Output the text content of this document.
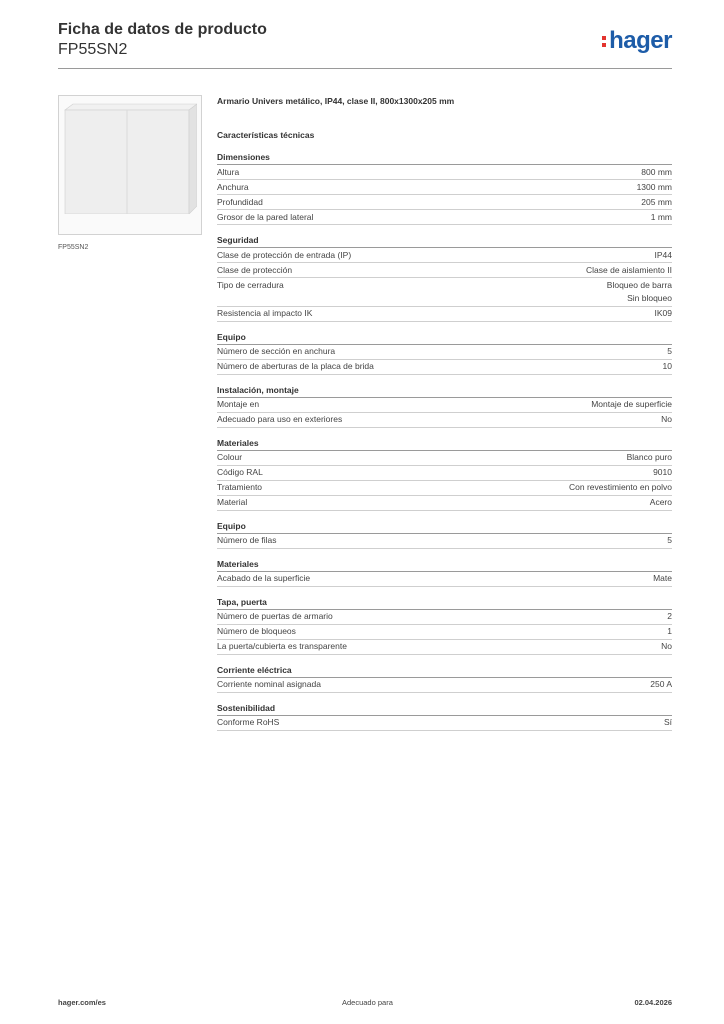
Ficha de datos de producto
FP55SN2	hager
FP55SN2
Armario Univers metálico, IP44, clase II, 800x1300x205 mm
Características técnicas
Dimensiones
Altura	800 mm
Anchura	1300 mm
Profundidad	205 mm
Grosor de la pared lateral	1 mm
Seguridad
Clase de protección de entrada (IP)	IP44
Clase de protección	Clase de aislamiento II
Tipo de cerradura	Bloqueo de barra
Sin bloqueo
Resistencia al impacto IK	IK09
Equipo
Número de sección en anchura	5
Número de aberturas de la placa de brida	10
Instalación, montaje
Montaje en	Montaje de superficie
Adecuado para uso en exteriores	No
Materiales
Colour	Blanco puro
Código RAL	9010
Tratamiento	Con revestimiento en polvo
Material	Acero
Equipo
Número de filas	5
Materiales
Acabado de la superficie	Mate
Tapa, puerta
Número de puertas de armario	2
Número de bloqueos	1
La puerta/cubierta es transparente	No
Corriente eléctrica
Corriente nominal asignada	250 A
Sostenibilidad
Conforme RoHS	Sí
hager.com/es	Adecuado para	02.04.2026
